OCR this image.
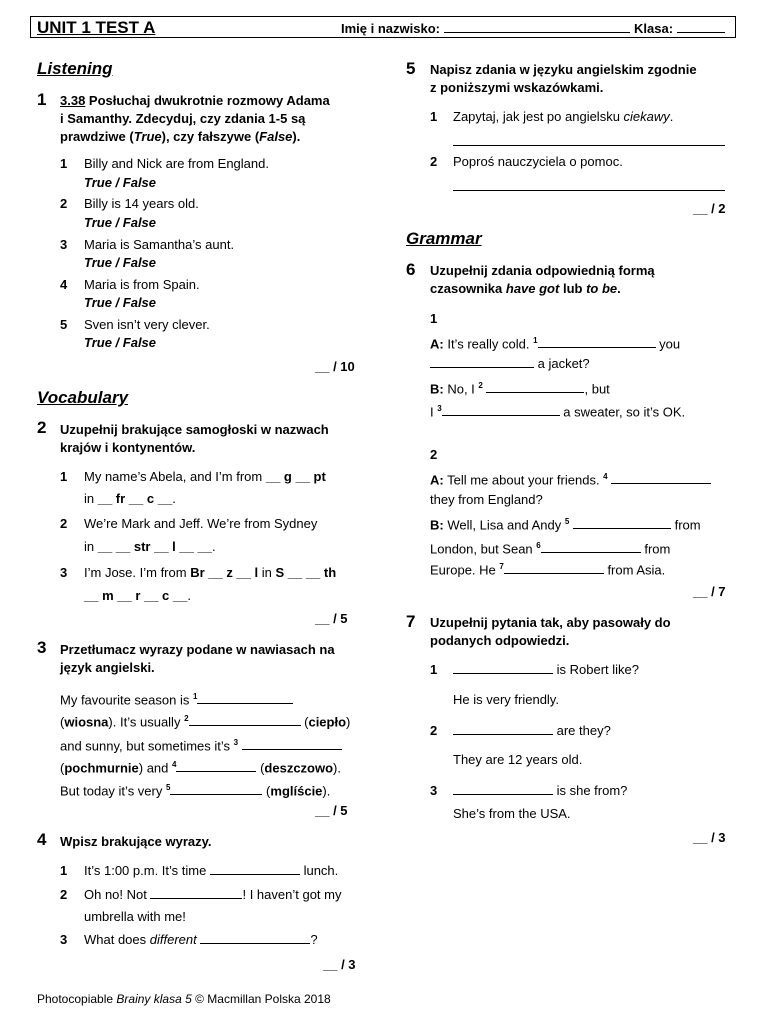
UNIT 1 TEST A	Imię i nazwisko:	Klasa:
Listening
1 3.38 Posłuchaj dwukrotnie rozmowy Adama
i Samanthy. Zdecyduj, czy zdania 1-5 są
prawdziwe (True), czy fałszywe (False).
1 Billy and Nick are from England.
True / False
2 Billy is 14 years old.
True / False
3 Maria is Samantha’s aunt.
True / False
4 Maria is from Spain.
True / False
5 Sven isn’t very clever.
True / False
__ / 10
Vocabulary
2 Uzupełnij brakujące samogłoski w nazwach
krajów i kontynentów.
1 My name’s Abela, and I’m from __ g __ pt
in __ fr __ c __.
2 We’re Mark and Jeff. We’re from Sydney
in __ __ str __ l __ __.
3 I’m Jose. I’m from Br __ z __ l in S __ __ th
__ m __ r __ c __.
__ / 5
3 Przetłumacz wyrazy podane w nawiasach na
język angielski.
My favourite season is $^1$
(wiosna). It’s usually $^2$	(ciepło)
and sunny, but sometimes it’s $^3$
(pochmurnie) and $^4$	(deszczowo).
But today it’s very $^5$	(mglíście).
__ / 5
4 Wpisz brakujące wyrazy.
1 It’s 1:00 p.m. It’s time	lunch.
2 Oh no! Not	! I haven’t got my
umbrella with me!
3 What does different	?
__ / 3
5 Napisz zdania w języku angielskim zgodnie
z poniższymi wskazówkami.
1 Zapytaj, jak jest po angielsku ciekawy.
2 Poproś nauczyciela o pomoc.
__ / 2
Grammar
6 Uzupełnij zdania odpowiednią formą
czasownika have got lub to be.
1
A: It’s really cold. $^1$	you
a jacket?
B: No, I $^2$	, but
I $^3$	a sweater, so it’s OK.
2
A: Tell me about your friends. $^4$
they from England?
B: Well, Lisa and Andy $^5$	from
London, but Sean $^6$	from
Europe. He $^7$	from Asia.
__ / 7
7 Uzupełnij pytania tak, aby pasowały do
podanych odpowiedzi.
1	is Robert like?
He is very friendly.
2	are they?
They are 12 years old.
3	is she from?
She’s from the USA.
__ / 3
Photocopiable Brainy klasa 5 © Macmillan Polska 2018
